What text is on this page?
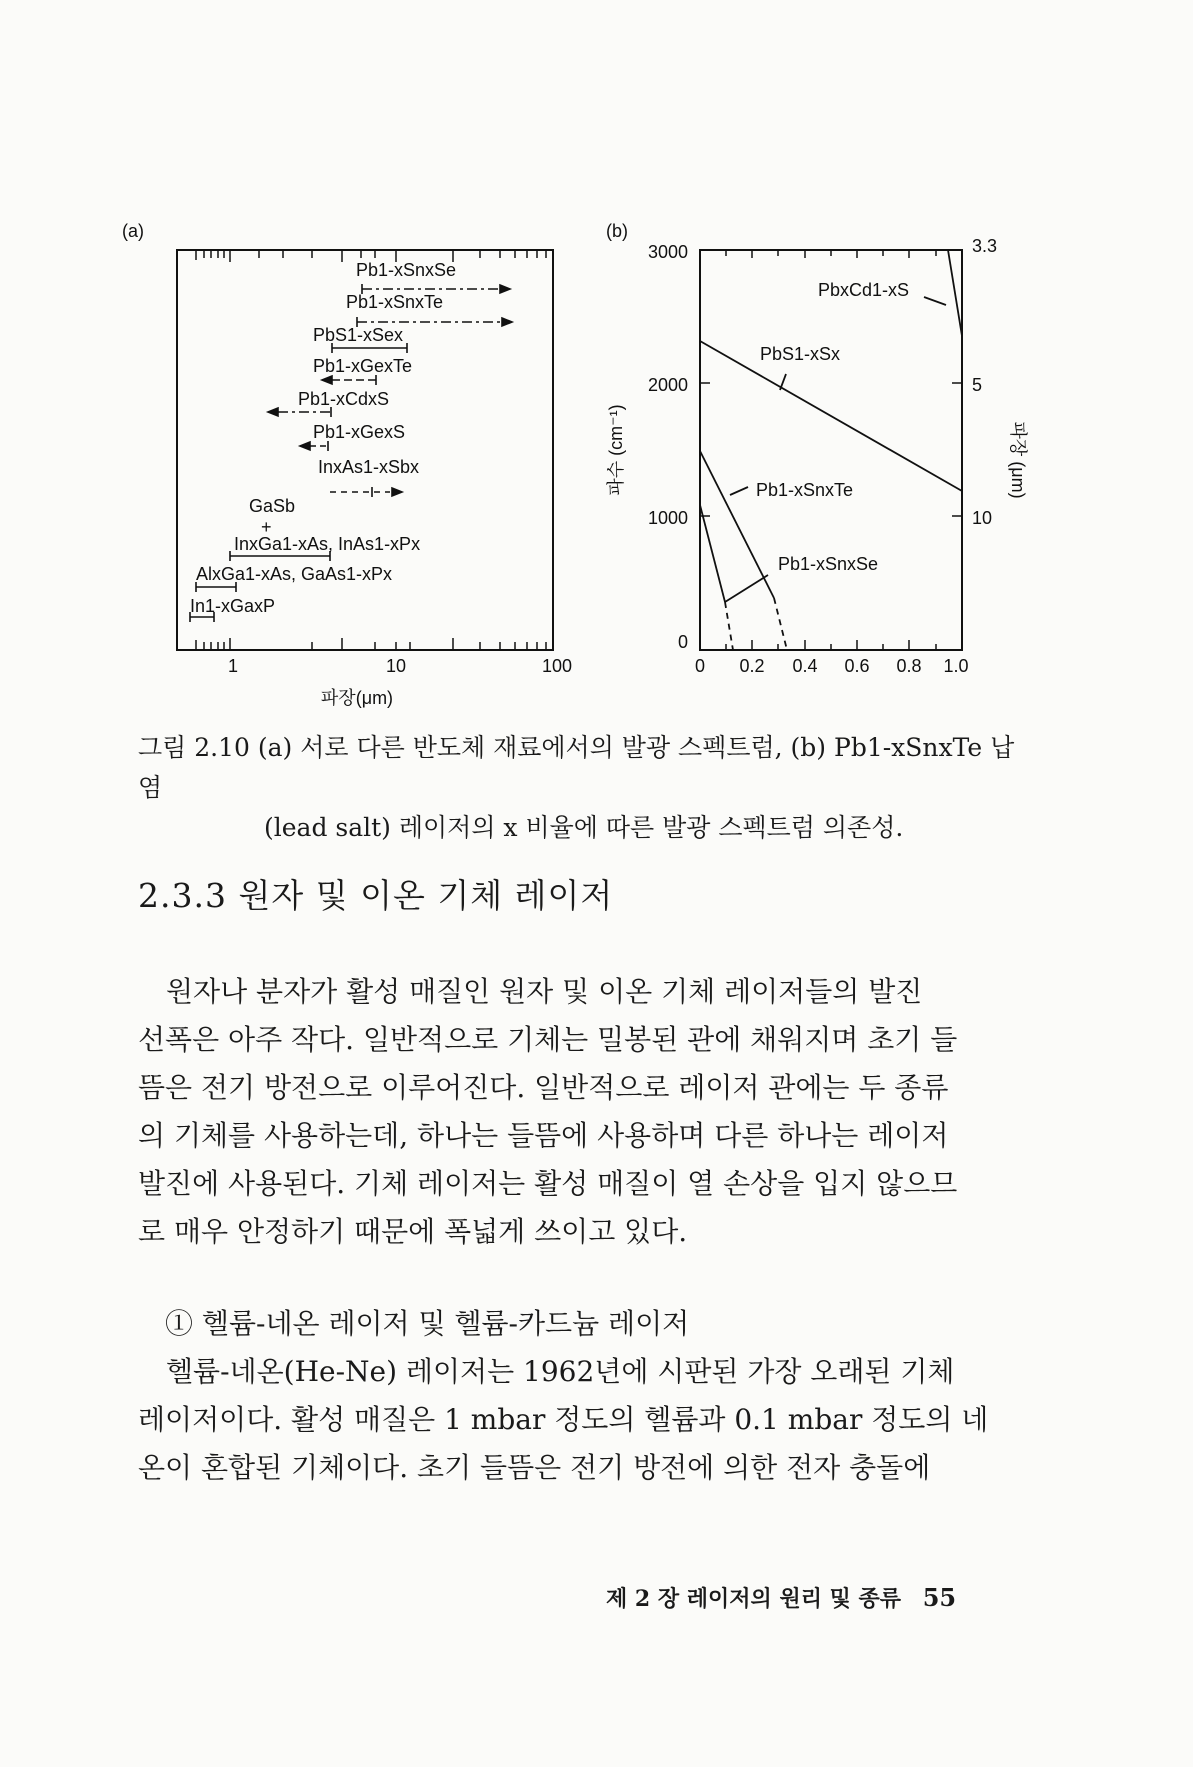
(a)	(b)
Pb1-xSnxSe
Pb1-xSnxTe
PbS1-xSex
Pb1-xGexTe
Pb1-xCdxS
Pb1-xGexS
InxAs1-xSbx
GaSb
+
InxGa1-xAs, InAs1-xPx
AlxGa1-xAs, GaAs1-xPx
In1-xGaxP
1	10	100
파장(μm)
PbxCd1-xS
PbS1-xSx
Pb1-xSnxTe
Pb1-xSnxSe
3000
2000
1000
0
0 0.2 0.4 0.6 0.8 1.0
3.3
5
10
파수 (cm⁻¹)	파장 (μm)
그림 2.10 (a) 서로 다른 반도체 재료에서의 발광 스펙트럼, (b) Pb1-xSnxTe 납염
(lead salt) 레이저의 x 비율에 따른 발광 스펙트럼 의존성.
2.3.3 원자 및 이온 기체 레이저
원자나 분자가 활성 매질인 원자 및 이온 기체 레이저들의 발진
선폭은 아주 작다. 일반적으로 기체는 밀봉된 관에 채워지며 초기 들
뜸은 전기 방전으로 이루어진다. 일반적으로 레이저 관에는 두 종류
의 기체를 사용하는데, 하나는 들뜸에 사용하며 다른 하나는 레이저
발진에 사용된다. 기체 레이저는 활성 매질이 열 손상을 입지 않으므
로 매우 안정하기 때문에 폭넓게 쓰이고 있다.
① 헬륨-네온 레이저 및 헬륨-카드늄 레이저
헬륨-네온(He-Ne) 레이저는 1962년에 시판된 가장 오래된 기체
레이저이다. 활성 매질은 1 mbar 정도의 헬륨과 0.1 mbar 정도의 네
온이 혼합된 기체이다. 초기 들뜸은 전기 방전에 의한 전자 충돌에
제 2 장 레이저의 원리 및 종류 55
